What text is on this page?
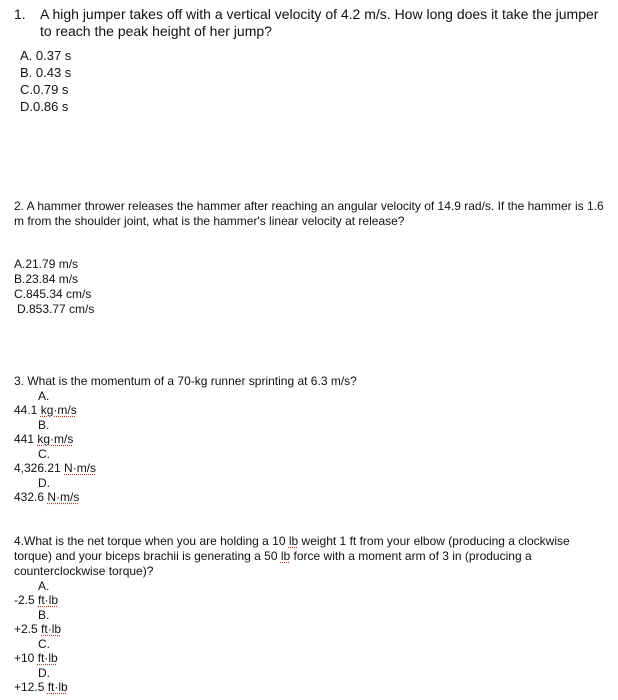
1.	A high jumper takes off with a vertical velocity of 4.2 m/s. How long does it take the jumper to reach the peak height of her jump?
A. 0.37 s
B. 0.43 s
C.0.79 s
D.0.86 s
2. A hammer thrower releases the hammer after reaching an angular velocity of 14.9 rad/s. If the hammer is 1.6 m from the shoulder joint, what is the hammer's linear velocity at release?
A.21.79 m/s
B.23.84 m/s
C.845.34 cm/s
D.853.77 cm/s
3. What is the momentum of a 70-kg runner sprinting at 6.3 m/s?
A.
44.1 kg·m/s
B.
441 kg·m/s
C.
4,326.21 N·m/s
D.
432.6 N·m/s
4.What is the net torque when you are holding a 10 lb weight 1 ft from your elbow (producing a clockwise torque) and your biceps brachii is generating a 50 lb force with a moment arm of 3 in (producing a counterclockwise torque)?
A.
-2.5 ft·lb
B.
+2.5 ft·lb
C.
+10 ft·lb
D.
+12.5 ft·lb
